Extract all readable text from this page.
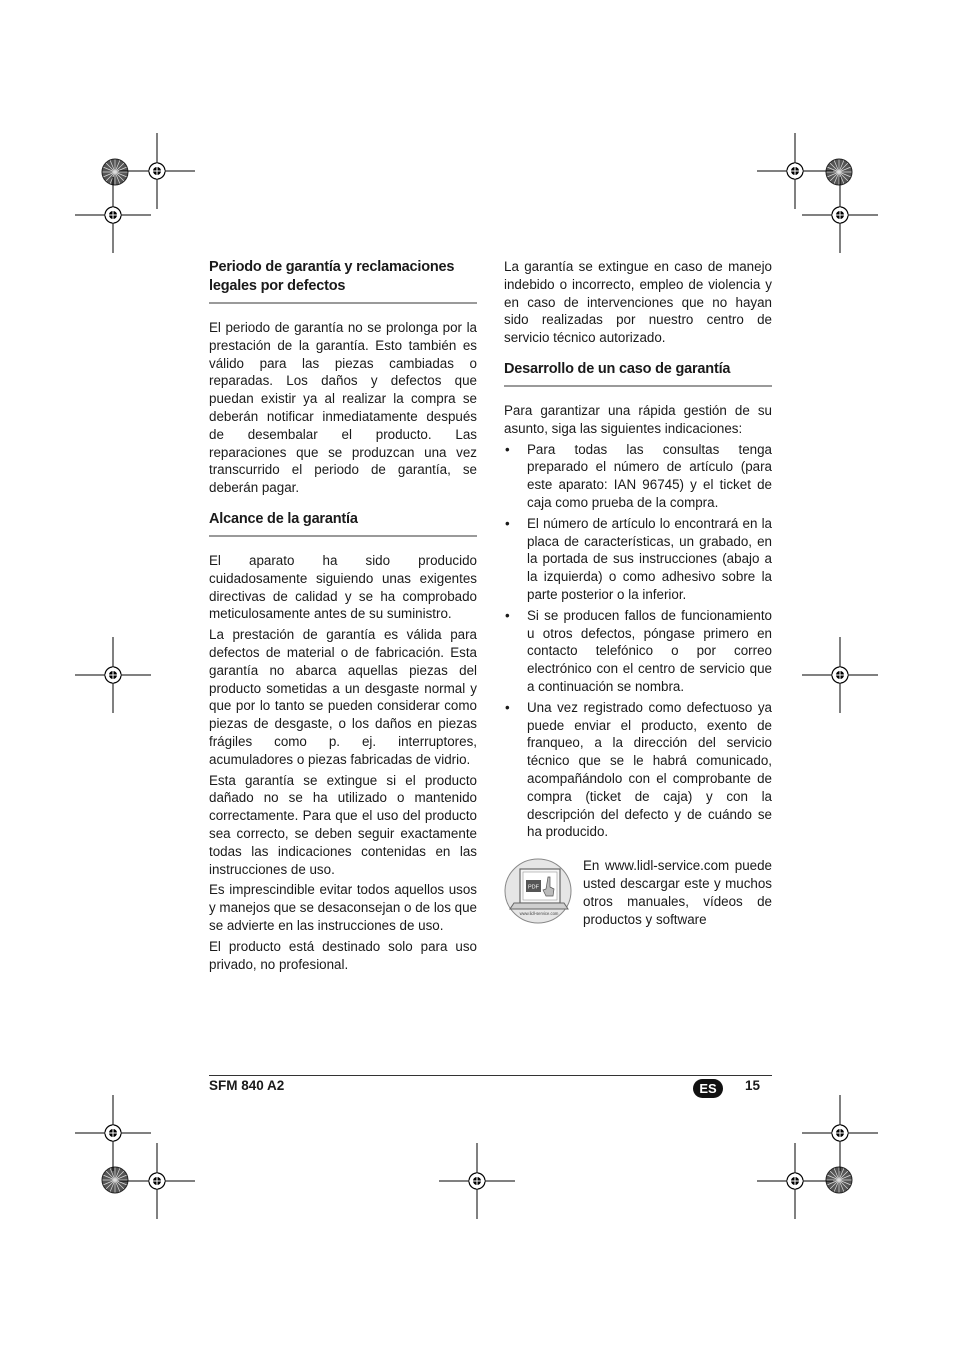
Periodo de garantía y reclamaciones legales por defectos
El periodo de garantía no se prolonga por la prestación de la garantía. Esto también es válido para las piezas cambiadas o reparadas. Los daños y defectos que puedan existir ya al realizar la compra se deberán notificar inmediatamente después de desembalar el producto. Las reparaciones que se produzcan una vez transcurrido el periodo de garantía, se deberán pagar.
Alcance de la garantía
El aparato ha sido producido cuidadosamente siguiendo unas exigentes directivas de calidad y se ha comprobado meticulosamente antes de su suministro.
La prestación de garantía es válida para defectos de material o de fabricación. Esta garantía no abarca aquellas piezas del producto sometidas a un desgaste normal y que por lo tanto se pueden considerar como piezas de desgaste, o los daños en piezas frágiles como p. ej. interruptores, acumuladores o piezas fabricadas de vidrio.
Esta garantía se extingue si el producto dañado no se ha utilizado o mantenido correctamente. Para que el uso del producto sea correcto, se deben seguir exactamente todas las indicaciones contenidas en las instrucciones de uso.
Es imprescindible evitar todos aquellos usos y manejos que se desaconsejan o de los que se advierte en las instrucciones de uso.
El producto está destinado solo para uso privado, no profesional.
La garantía se extingue en caso de manejo indebido o incorrecto, empleo de violencia y en caso de intervenciones que no hayan sido realizadas por nuestro centro de servicio técnico autorizado.
Desarrollo de un caso de garantía
Para garantizar una rápida gestión de su asunto, siga las siguientes indicaciones:
• Para todas las consultas tenga preparado el número de artículo (para este aparato: IAN 96745) y el ticket de caja como prueba de la compra.
• El número de artículo lo encontrará en la placa de características, un grabado, en la portada de sus instrucciones (abajo a la izquierda) o como adhesivo sobre la parte posterior o la inferior.
• Si se producen fallos de funcionamiento u otros defectos, póngase primero en contacto telefónico o por correo electrónico con el centro de servicio que a continuación se nombra.
• Una vez registrado como defectuoso ya puede enviar el producto, exento de franqueo, a la dirección del servicio técnico que se le habrá comunicado, acompañándolo con el comprobante de compra (ticket de caja) y con la descripción del defecto y de cuándo se ha producido.
PDF
www.lidl-service.com
En www.lidl-service.com puede usted descargar este y muchos otros manuales, vídeos de productos y software
SFM 840 A2	ES	15
